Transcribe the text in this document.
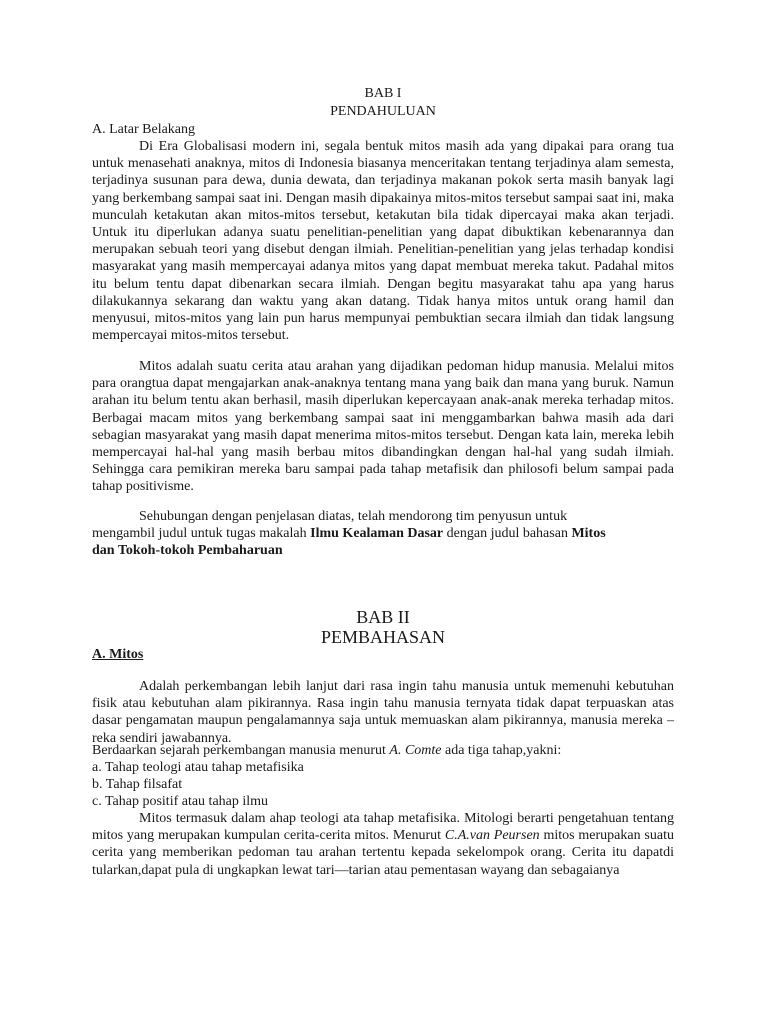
BAB I
PENDAHULUAN

A. Latar Belakang

Di Era Globalisasi modern ini, segala bentuk mitos masih ada yang dipakai para orang tua untuk menasehati anaknya, mitos di Indonesia biasanya menceritakan tentang terjadinya alam semesta, terjadinya susunan para dewa, dunia dewata, dan terjadinya makanan pokok serta masih banyak lagi yang berkembang sampai saat ini. Dengan masih dipakainya mitos-mitos tersebut sampai saat ini, maka munculah ketakutan akan mitos-mitos tersebut, ketakutan bila tidak dipercayai maka akan terjadi. Untuk itu diperlukan adanya suatu penelitian-penelitian yang dapat dibuktikan kebenarannya dan merupakan sebuah teori yang disebut dengan ilmiah. Penelitian-penelitian yang jelas terhadap kondisi masyarakat yang masih mempercayai adanya mitos yang dapat membuat mereka takut. Padahal mitos itu belum tentu dapat dibenarkan secara ilmiah. Dengan begitu masyarakat tahu apa yang harus dilakukannya sekarang dan waktu yang akan datang. Tidak hanya mitos untuk orang hamil dan menyusui, mitos-mitos yang lain pun harus mempunyai pembuktian secara ilmiah dan tidak langsung mempercayai mitos-mitos tersebut.

Mitos adalah suatu cerita atau arahan yang dijadikan pedoman hidup manusia. Melalui mitos para orangtua dapat mengajarkan anak-anaknya tentang mana yang baik dan mana yang buruk. Namun arahan itu belum tentu akan berhasil, masih diperlukan kepercayaan anak-anak mereka terhadap mitos. Berbagai macam mitos yang berkembang sampai saat ini menggambarkan bahwa masih ada dari sebagian masyarakat yang masih dapat menerima mitos-mitos tersebut. Dengan kata lain, mereka lebih mempercayai hal-hal yang masih berbau mitos dibandingkan dengan hal-hal yang sudah ilmiah. Sehingga cara pemikiran mereka baru sampai pada tahap metafisik dan philosofi belum sampai pada tahap positivisme.

Sehubungan dengan penjelasan diatas, telah mendorong tim penyusun untuk

mengambil judul untuk tugas makalah Ilmu Kealaman Dasar dengan judul bahasan Mitos

dan Tokoh-tokoh Pembaharuan

BAB II
PEMBAHASAN

A. Mitos

Adalah perkembangan lebih lanjut dari rasa ingin tahu manusia untuk memenuhi kebutuhan fisik atau kebutuhan alam pikirannya. Rasa ingin tahu manusia ternyata tidak dapat terpuaskan atas dasar pengamatan maupun pengalamannya saja untuk memuaskan alam pikirannya, manusia mereka – reka sendiri jawabannya.

Berdaarkan sejarah perkembangan manusia menurut A. Comte ada tiga tahap,yakni:

a. Tahap teologi atau tahap metafisika

b. Tahap filsafat

c. Tahap positif atau tahap ilmu

Mitos termasuk dalam ahap teologi ata tahap metafisika. Mitologi berarti pengetahuan tentang mitos yang merupakan kumpulan cerita-cerita mitos. Menurut C.A.van Peursen mitos merupakan suatu cerita yang memberikan pedoman tau arahan tertentu kepada sekelompok orang. Cerita itu dapatdi tularkan,dapat pula di ungkapkan lewat tari—tarian atau pementasan wayang dan sebagaianya
